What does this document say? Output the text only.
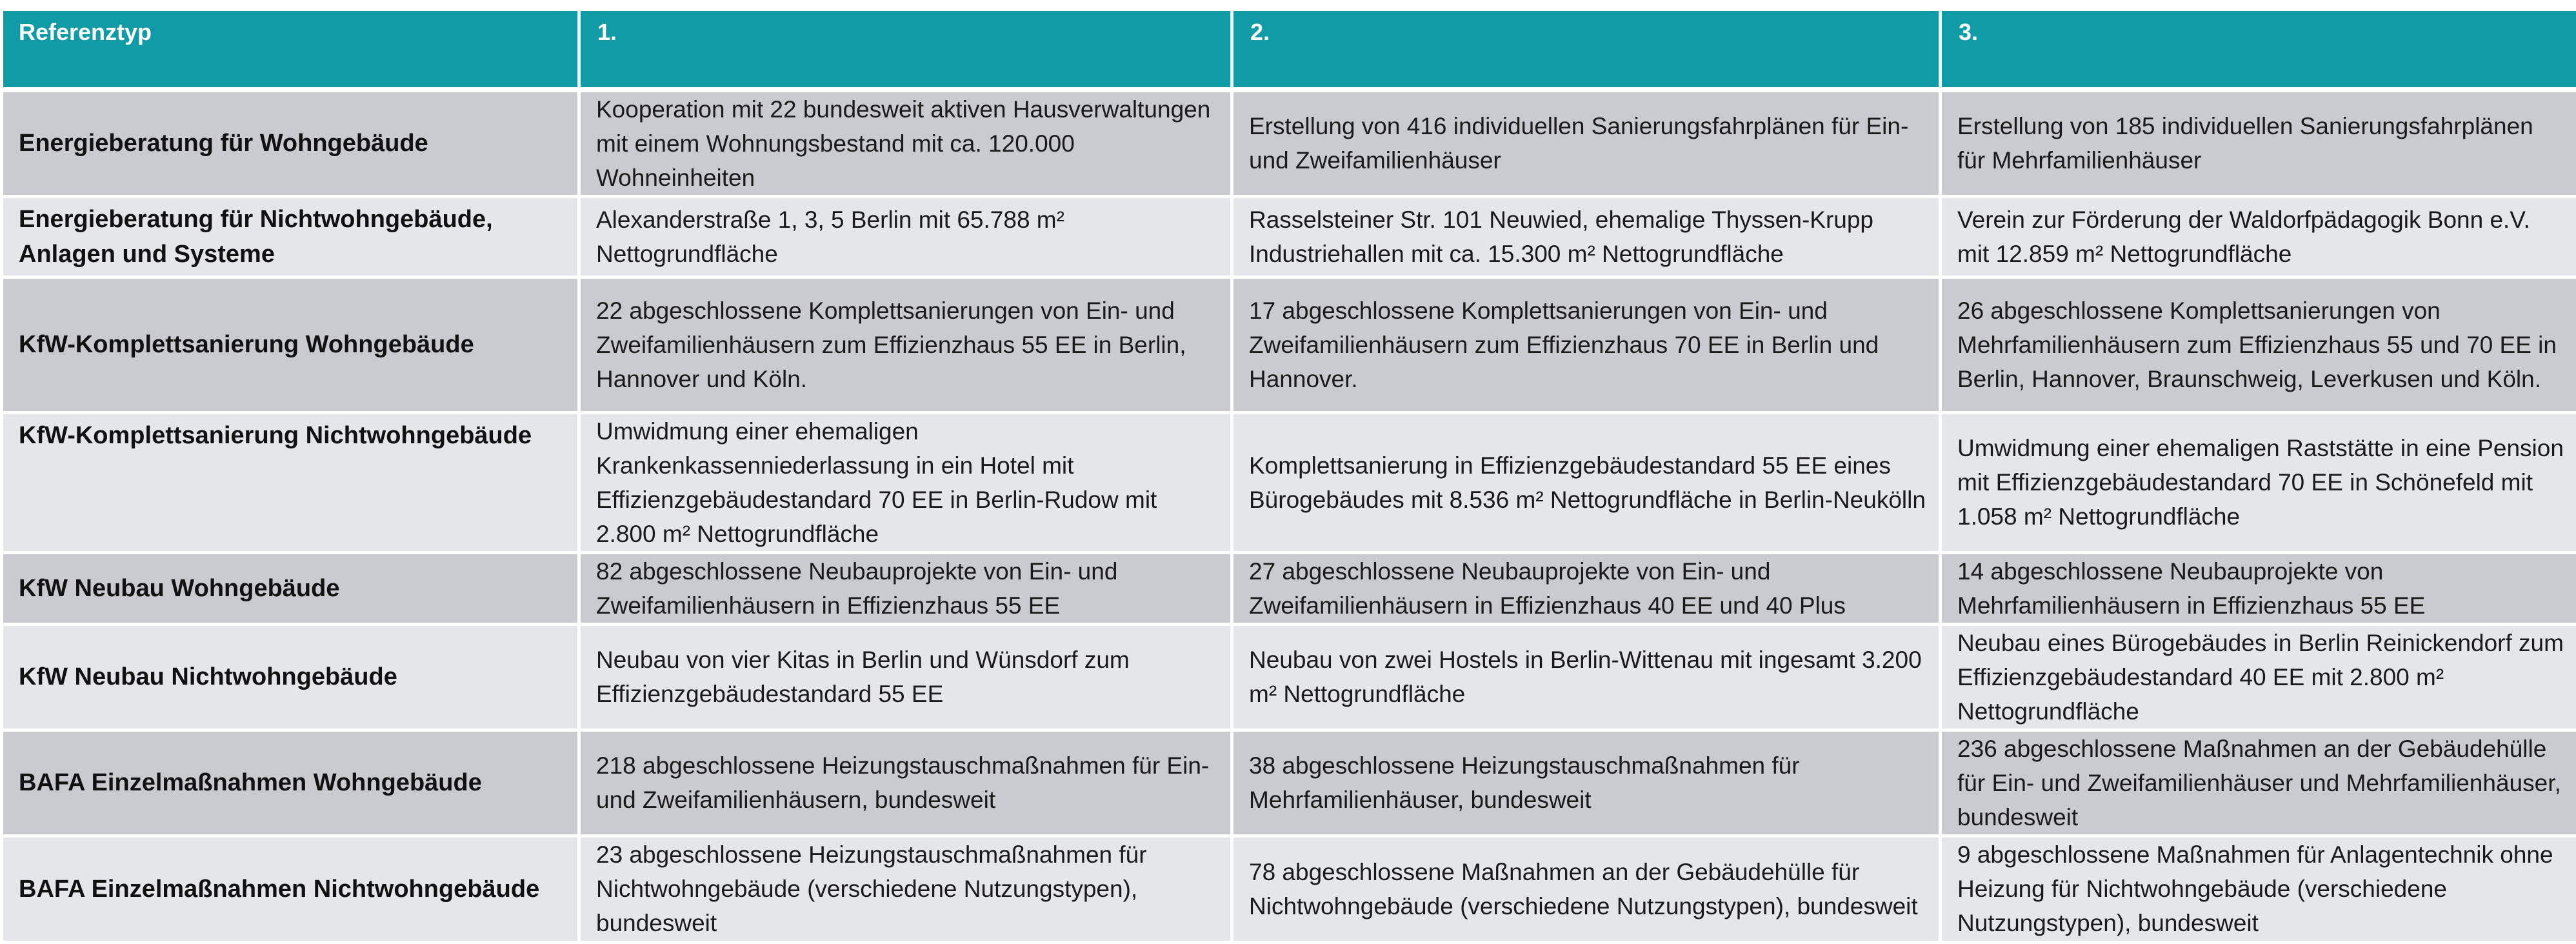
Referenztyp	1.	2.	3.
Energieberatung für Wohngebäude	Kooperation mit 22 bundesweit aktiven Hausverwaltungen mit einem Wohnungsbestand mit ca. 120.000 Wohneinheiten	Erstellung von 416 individuellen Sanierungsfahrplänen für Ein- und Zweifamilienhäuser	Erstellung von 185 individuellen Sanierungsfahrplänen für Mehrfamilienhäuser
Energieberatung für Nichtwohngebäude, Anlagen und Systeme	Alexanderstraße 1, 3, 5 Berlin mit 65.788 m² Nettogrundfläche	Rasselsteiner Str. 101 Neuwied, ehemalige Thyssen-Krupp Industriehallen mit ca. 15.300 m² Nettogrundfläche	Verein zur Förderung der Waldorfpädagogik Bonn e.V. mit 12.859 m² Nettogrundfläche
KfW-Komplettsanierung Wohngebäude	22 abgeschlossene Komplettsanierungen von Ein- und Zweifamilienhäusern zum Effizienzhaus 55 EE in Berlin, Hannover und Köln.	17 abgeschlossene Komplettsanierungen von Ein- und Zweifamilienhäusern zum Effizienzhaus 70 EE in Berlin und Hannover.	26 abgeschlossene Komplettsanierungen von Mehrfamilienhäusern zum Effizienzhaus 55 und 70 EE in Berlin, Hannover, Braunschweig, Leverkusen und Köln.
KfW-Komplettsanierung Nichtwohngebäude	Umwidmung einer ehemaligen Krankenkassenniederlassung in ein Hotel mit Effizienzgebäudestandard 70 EE in Berlin-Rudow mit 2.800 m² Nettogrundfläche	Komplettsanierung in Effizienzgebäudestandard 55 EE eines Bürogebäudes mit 8.536 m² Nettogrundfläche in Berlin-Neukölln	Umwidmung einer ehemaligen Raststätte in eine Pension mit Effizienzgebäudestandard 70 EE in Schönefeld mit 1.058 m² Nettogrundfläche
KfW Neubau Wohngebäude	82 abgeschlossene Neubauprojekte von Ein- und Zweifamilienhäusern in Effizienzhaus 55 EE	27 abgeschlossene Neubauprojekte von Ein- und Zweifamilienhäusern in Effizienzhaus 40 EE und 40 Plus	14 abgeschlossene Neubauprojekte von Mehrfamilienhäusern in Effizienzhaus 55 EE
KfW Neubau Nichtwohngebäude	Neubau von vier Kitas in Berlin und Wünsdorf zum Effizienzgebäudestandard 55 EE	Neubau von zwei Hostels in Berlin-Wittenau mit ingesamt 3.200 m² Nettogrundfläche	Neubau eines Bürogebäudes in Berlin Reinickendorf zum Effizienzgebäudestandard 40 EE mit 2.800 m² Nettogrundfläche
BAFA Einzelmaßnahmen Wohngebäude	218 abgeschlossene Heizungstauschmaßnahmen für Ein- und Zweifamilienhäusern, bundesweit	38 abgeschlossene Heizungstauschmaßnahmen für Mehrfamilienhäuser, bundesweit	236 abgeschlossene Maßnahmen an der Gebäudehülle für Ein- und Zweifamilienhäuser und Mehrfamilienhäuser, bundesweit
BAFA Einzelmaßnahmen Nichtwohngebäude	23 abgeschlossene Heizungstauschmaßnahmen für Nichtwohngebäude (verschiedene Nutzungstypen), bundesweit	78 abgeschlossene Maßnahmen an der Gebäudehülle für Nichtwohngebäude (verschiedene Nutzungstypen), bundesweit	9 abgeschlossene Maßnahmen für Anlagentechnik ohne Heizung für Nichtwohngebäude (verschiedene Nutzungstypen), bundesweit
